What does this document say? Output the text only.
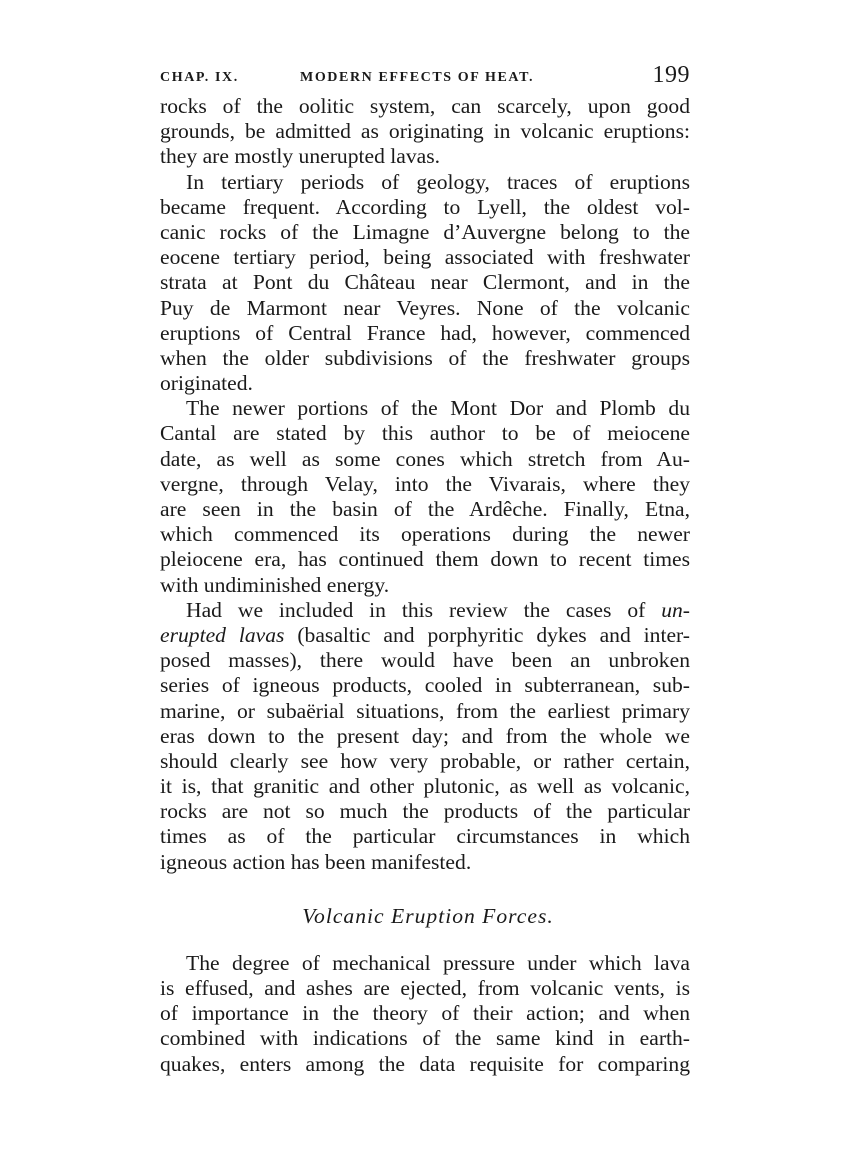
CHAP. IX.	MODERN EFFECTS OF HEAT.	199
rocks of the oolitic system, can scarcely, upon good
grounds, be admitted as originating in volcanic eruptions:
they are mostly unerupted lavas.
In tertiary periods of geology, traces of eruptions
became frequent. According to Lyell, the oldest vol-
canic rocks of the Limagne d’Auvergne belong to the
eocene tertiary period, being associated with freshwater
strata at Pont du Château near Clermont, and in the
Puy de Marmont near Veyres. None of the volcanic
eruptions of Central France had, however, commenced
when the older subdivisions of the freshwater groups
originated.
The newer portions of the Mont Dor and Plomb du
Cantal are stated by this author to be of meiocene
date, as well as some cones which stretch from Au-
vergne, through Velay, into the Vivarais, where they
are seen in the basin of the Ardêche. Finally, Etna,
which commenced its operations during the newer
pleiocene era, has continued them down to recent times
with undiminished energy.
Had we included in this review the cases of un-
erupted lavas (basaltic and porphyritic dykes and inter-
posed masses), there would have been an unbroken
series of igneous products, cooled in subterranean, sub-
marine, or subaërial situations, from the earliest primary
eras down to the present day; and from the whole we
should clearly see how very probable, or rather certain,
it is, that granitic and other plutonic, as well as volcanic,
rocks are not so much the products of the particular
times as of the particular circumstances in which
igneous action has been manifested.

Volcanic Eruption Forces.

The degree of mechanical pressure under which lava
is effused, and ashes are ejected, from volcanic vents, is
of importance in the theory of their action; and when
combined with indications of the same kind in earth-
quakes, enters among the data requisite for comparing
